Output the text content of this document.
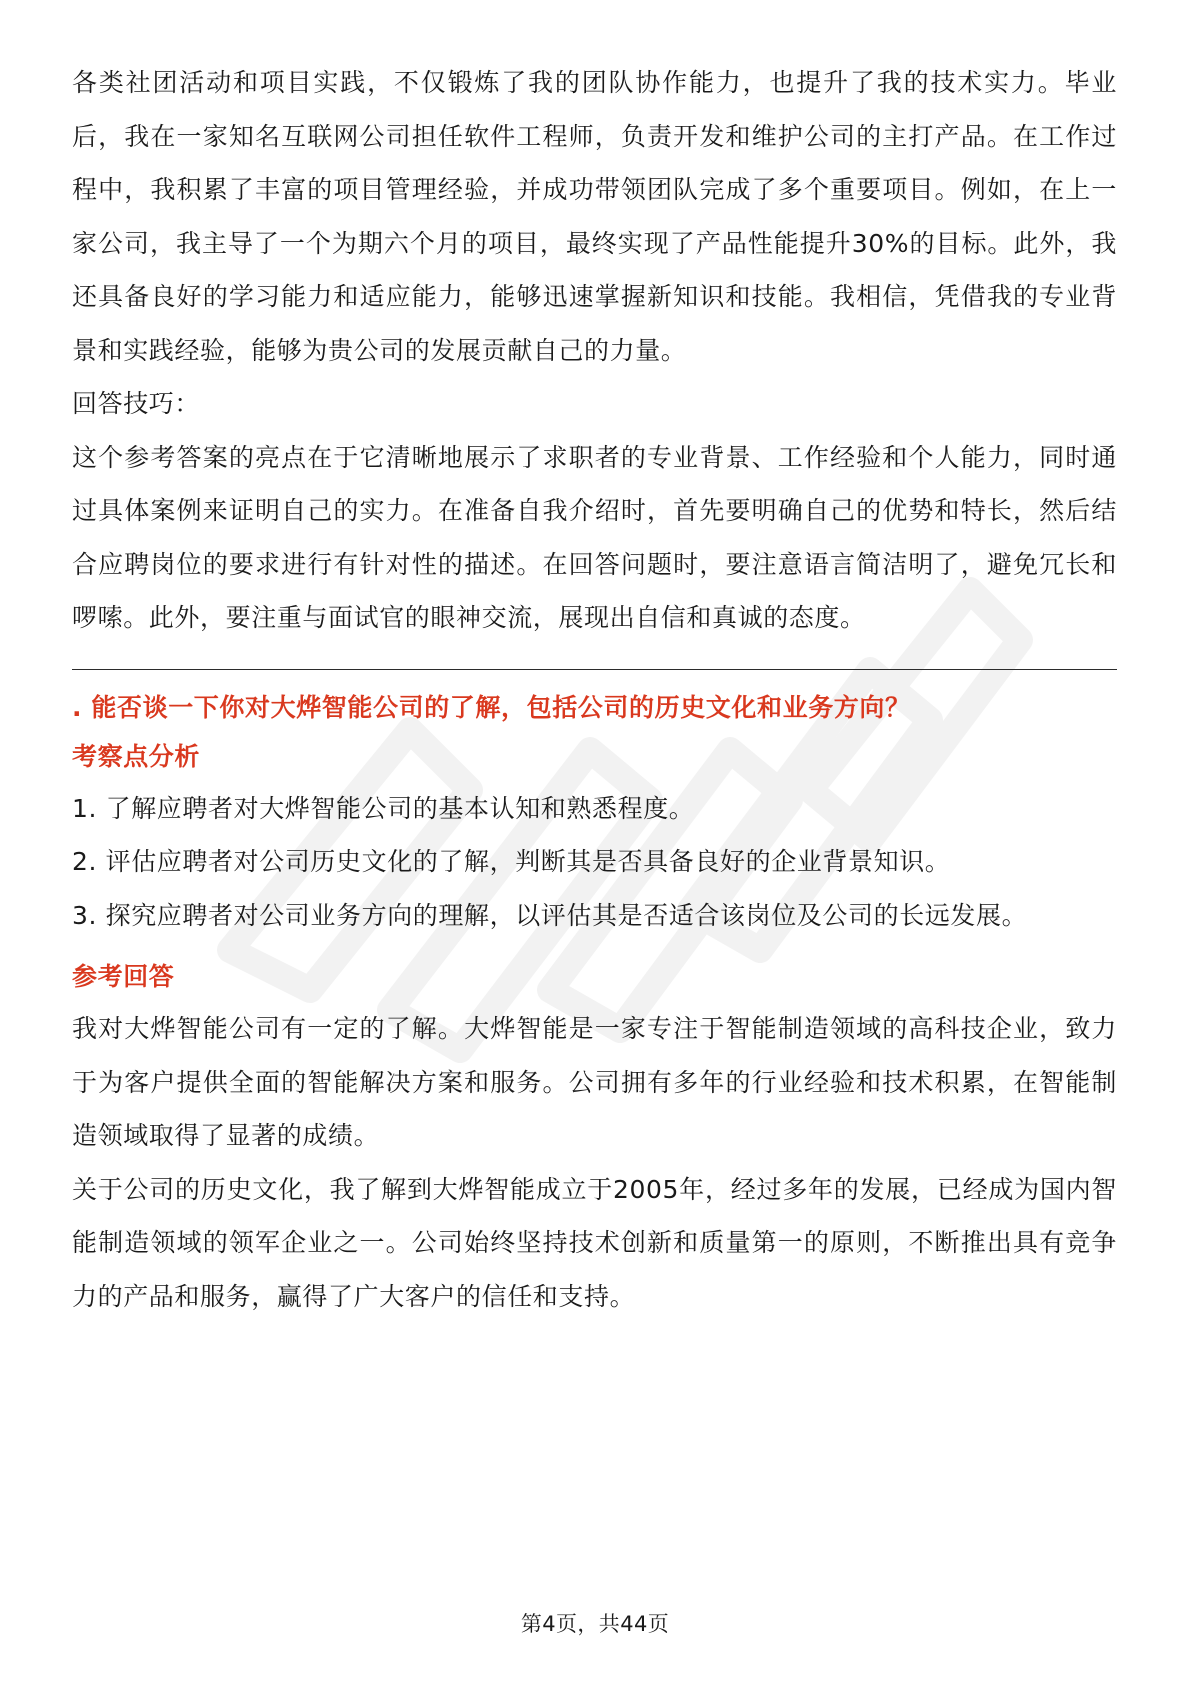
各类社团活动和项目实践，不仅锻炼了我的团队协作能力，也提升了我的技术实力。毕业后，我在一家知名互联网公司担任软件工程师，负责开发和维护公司的主打产品。在工作过程中，我积累了丰富的项目管理经验，并成功带领团队完成了多个重要项目。例如，在上一家公司，我主导了一个为期六个月的项目，最终实现了产品性能提升30%的目标。此外，我还具备良好的学习能力和适应能力，能够迅速掌握新知识和技能。我相信，凭借我的专业背景和实践经验，能够为贵公司的发展贡献自己的力量。

回答技巧：

这个参考答案的亮点在于它清晰地展示了求职者的专业背景、工作经验和个人能力，同时通过具体案例来证明自己的实力。在准备自我介绍时，首先要明确自己的优势和特长，然后结合应聘岗位的要求进行有针对性的描述。在回答问题时，要注意语言简洁明了，避免冗长和啰嗦。此外，要注重与面试官的眼神交流，展现出自信和真诚的态度。

. 能否谈一下你对大烨智能公司的了解，包括公司的历史文化和业务方向？

考察点分析

1. 了解应聘者对大烨智能公司的基本认知和熟悉程度。
2. 评估应聘者对公司历史文化的了解，判断其是否具备良好的企业背景知识。
3. 探究应聘者对公司业务方向的理解，以评估其是否适合该岗位及公司的长远发展。

参考回答

我对大烨智能公司有一定的了解。大烨智能是一家专注于智能制造领域的高科技企业，致力于为客户提供全面的智能解决方案和服务。公司拥有多年的行业经验和技术积累，在智能制造领域取得了显著的成绩。

关于公司的历史文化，我了解到大烨智能成立于2005年，经过多年的发展，已经成为国内智能制造领域的领军企业之一。公司始终坚持技术创新和质量第一的原则，不断推出具有竞争力的产品和服务，赢得了广大客户的信任和支持。

第4页，共44页
